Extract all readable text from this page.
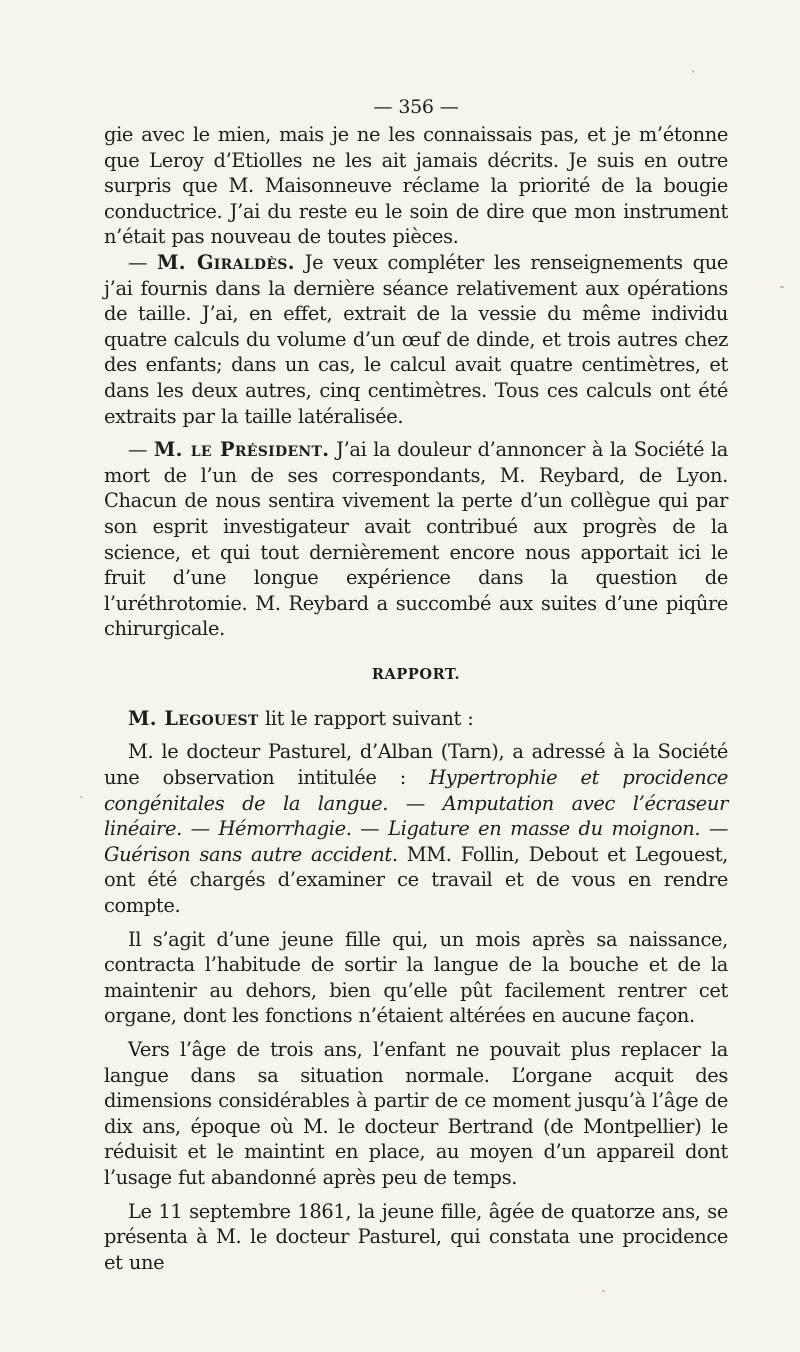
— 356 —

gie avec le mien, mais je ne les connaissais pas, et je m’étonne que Leroy d’Etiolles ne les ait jamais décrits. Je suis en outre surpris que M. Maisonneuve réclame la priorité de la bougie conductrice. J’ai du reste eu le soin de dire que mon instrument n’était pas nouveau de toutes pièces.

— M. Giraldès. Je veux compléter les renseignements que j’ai fournis dans la dernière séance relativement aux opérations de taille. J’ai, en effet, extrait de la vessie du même individu quatre calculs du volume d’un œuf de dinde, et trois autres chez des enfants; dans un cas, le calcul avait quatre centimètres, et dans les deux autres, cinq centimètres. Tous ces calculs ont été extraits par la taille latéralisée.

— M. le Président. J’ai la douleur d’annoncer à la Société la mort de l’un de ses correspondants, M. Reybard, de Lyon. Chacun de nous sentira vivement la perte d’un collègue qui par son esprit investigateur avait contribué aux progrès de la science, et qui tout dernièrement encore nous apportait ici le fruit d’une longue expérience dans la question de l’uréthrotomie. M. Reybard a succombé aux suites d’une piqûre chirurgicale.

RAPPORT.

M. Legouest lit le rapport suivant :

M. le docteur Pasturel, d’Alban (Tarn), a adressé à la Société une observation intitulée : Hypertrophie et procidence congénitales de la langue. — Amputation avec l’écraseur linéaire. — Hémorrhagie. — Ligature en masse du moignon. — Guérison sans autre accident. MM. Follin, Debout et Legouest, ont été chargés d’examiner ce travail et de vous en rendre compte.

Il s’agit d’une jeune fille qui, un mois après sa naissance, contracta l’habitude de sortir la langue de la bouche et de la maintenir au dehors, bien qu’elle pût facilement rentrer cet organe, dont les fonctions n’étaient altérées en aucune façon.

Vers l’âge de trois ans, l’enfant ne pouvait plus replacer la langue dans sa situation normale. L’organe acquit des dimensions considérables à partir de ce moment jusqu’à l’âge de dix ans, époque où M. le docteur Bertrand (de Montpellier) le réduisit et le maintint en place, au moyen d’un appareil dont l’usage fut abandonné après peu de temps.

Le 11 septembre 1861, la jeune fille, âgée de quatorze ans, se présenta à M. le docteur Pasturel, qui constata une procidence et une
